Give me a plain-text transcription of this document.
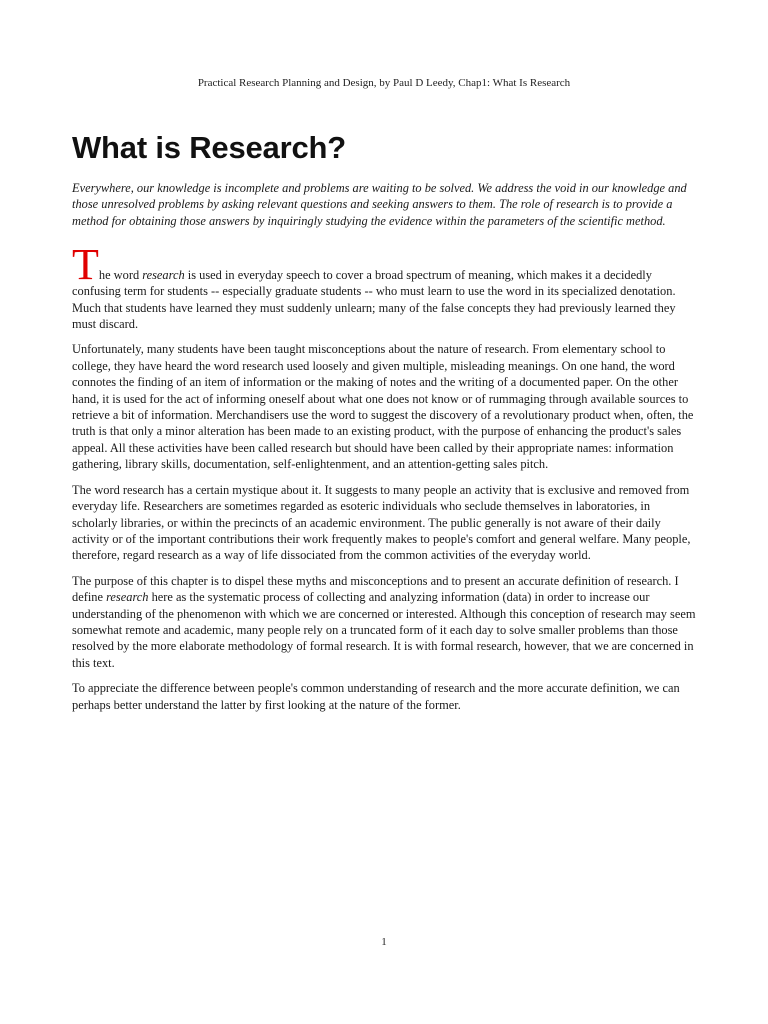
Practical Research Planning and Design, by Paul D Leedy, Chap1: What Is Research
What is Research?

Everywhere, our knowledge is incomplete and problems are waiting to be solved. We address the void in our knowledge and those unresolved problems by asking relevant questions and seeking answers to them. The role of research is to provide a method for obtaining those answers by inquiringly studying the evidence within the parameters of the scientific method.

The word research is used in everyday speech to cover a broad spectrum of meaning, which makes it a decidedly

confusing term for students -- especially graduate students -- who must learn to use the word in its specialized denotation. Much that students have learned they must suddenly unlearn; many of the false concepts they had previously learned they must discard.

Unfortunately, many students have been taught misconceptions about the nature of research. From elementary school to college, they have heard the word research used loosely and given multiple, misleading meanings. On one hand, the word connotes the finding of an item of information or the making of notes and the writing of a documented paper. On the other hand, it is used for the act of informing oneself about what one does not know or of rummaging through available sources to retrieve a bit of information. Merchandisers use the word to suggest the discovery of a revolutionary product when, often, the truth is that only a minor alteration has been made to an existing product, with the purpose of enhancing the product's sales appeal. All these activities have been called research but should have been called by their appropriate names: information gathering, library skills, documentation, self-enlightenment, and an attention-getting sales pitch.

The word research has a certain mystique about it. It suggests to many people an activity that is exclusive and removed from everyday life. Researchers are sometimes regarded as esoteric individuals who seclude themselves in laboratories, in scholarly libraries, or within the precincts of an academic environment. The public generally is not aware of their daily activity or of the important contributions their work frequently makes to people's comfort and general welfare. Many people, therefore, regard research as a way of life dissociated from the common activities of the everyday world.

The purpose of this chapter is to dispel these myths and misconceptions and to present an accurate definition of research. I define research here as the systematic process of collecting and analyzing information (data) in order to increase our understanding of the phenomenon with which we are concerned or interested. Although this conception of research may seem somewhat remote and academic, many people rely on a truncated form of it each day to solve smaller problems than those resolved by the more elaborate methodology of formal research. It is with formal research, however, that we are concerned in this text.

To appreciate the difference between people's common understanding of research and the more accurate definition, we can perhaps better understand the latter by first looking at the nature of the former.

1
